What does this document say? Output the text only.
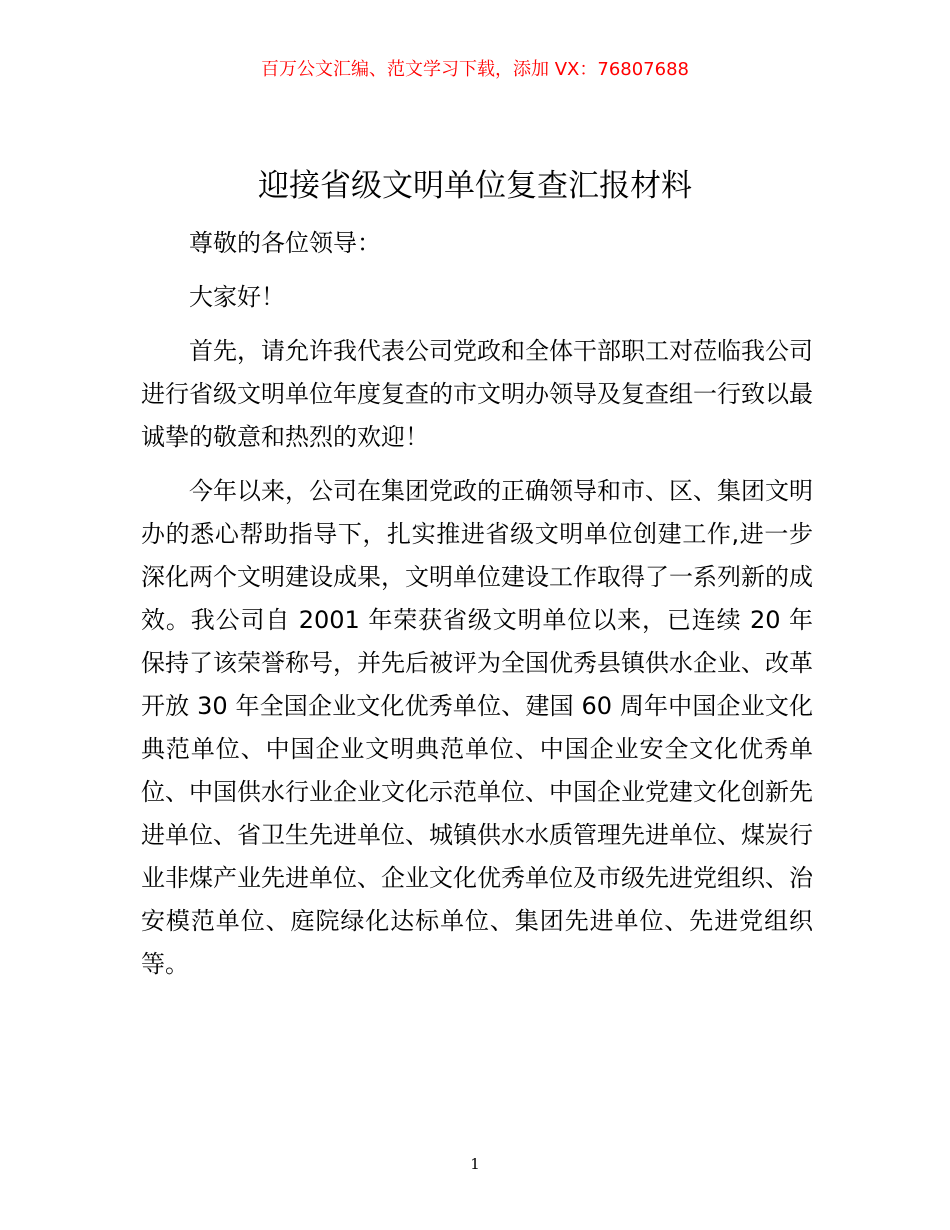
百万公文汇编、范文学习下载，添加 VX：76807688
迎接省级文明单位复查汇报材料

尊敬的各位领导：

大家好！

首先，请允许我代表公司党政和全体干部职工对莅临我公司进行省级文明单位年度复查的市文明办领导及复查组一行致以最诚挚的敬意和热烈的欢迎！

今年以来，公司在集团党政的正确领导和市、区、集团文明办的悉心帮助指导下，扎实推进省级文明单位创建工作,进一步深化两个文明建设成果，文明单位建设工作取得了一系列新的成效。我公司自 2001 年荣获省级文明单位以来，已连续 20 年保持了该荣誉称号，并先后被评为全国优秀县镇供水企业、改革开放 30 年全国企业文化优秀单位、建国 60 周年中国企业文化典范单位、中国企业文明典范单位、中国企业安全文化优秀单位、中国供水行业企业文化示范单位、中国企业党建文化创新先进单位、省卫生先进单位、城镇供水水质管理先进单位、煤炭行业非煤产业先进单位、企业文化优秀单位及市级先进党组织、治安模范单位、庭院绿化达标单位、集团先进单位、先进党组织等。

1
